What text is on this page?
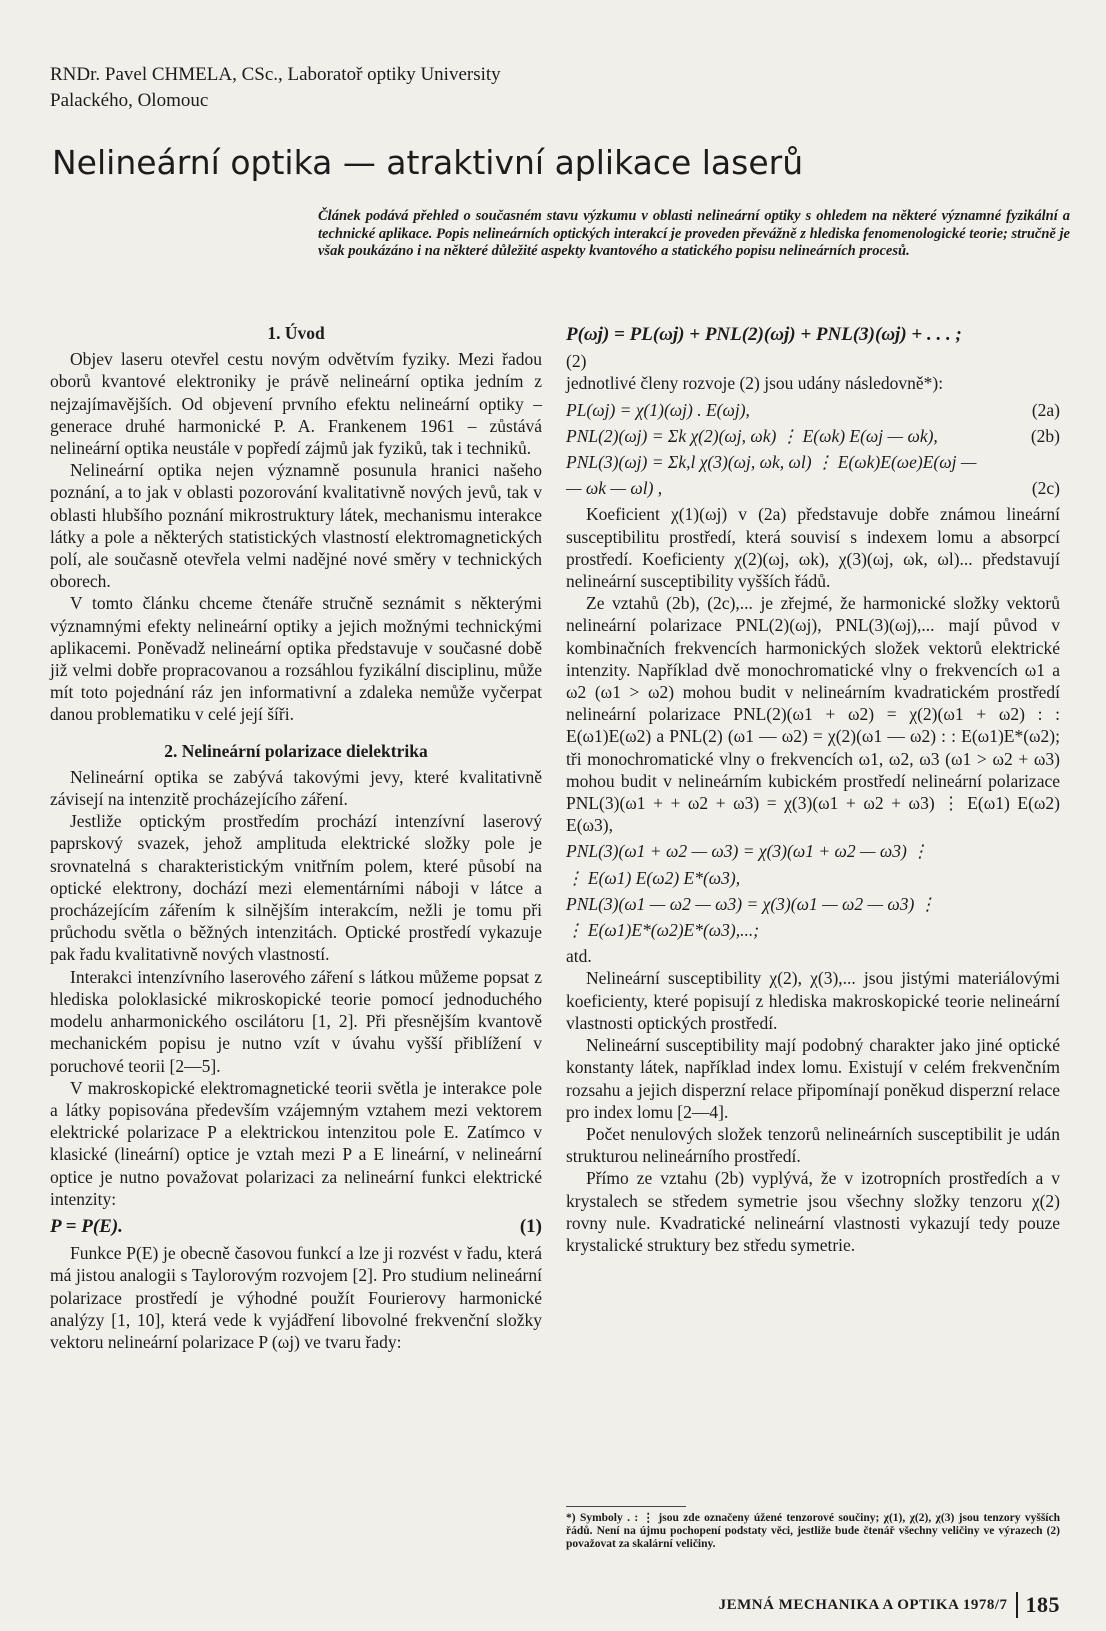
RNDr. Pavel CHMELA, CSc., Laboratoř optiky University
Palackého, Olomouc
Nelineární optika — atraktivní aplikace laserů

Článek podává přehled o současném stavu výzkumu v oblasti nelineární optiky s ohledem na některé významné fyzikální a technické aplikace. Popis nelineárních optických interakcí je proveden převážně z hlediska fenomenologické teorie; stručně je však poukázáno i na některé důležité aspekty kvantového a statického popisu nelineárních procesů.

1. Úvod

Objev laseru otevřel cestu novým odvětvím fyziky. Mezi řadou oborů kvantové elektroniky je právě nelineární optika jedním z nejzajímavějších. Od objevení prvního efektu nelineární optiky – generace druhé harmonické P. A. Frankenem 1961 – zůstává nelineární optika neustále v popředí zájmů jak fyziků, tak i techniků.

Nelineární optika nejen významně posunula hranici našeho poznání, a to jak v oblasti pozorování kvalitativně nových jevů, tak v oblasti hlubšího poznání mikrostruktury látek, mechanismu interakce látky a pole a některých statistických vlastností elektromagnetických polí, ale současně otevřela velmi nadějné nové směry v technických oborech.

V tomto článku chceme čtenáře stručně seznámit s některými významnými efekty nelineární optiky a jejich možnými technickými aplikacemi. Poněvadž nelineární optika představuje v současné době již velmi dobře propracovanou a rozsáhlou fyzikální disciplinu, může mít toto pojednání ráz jen informativní a zdaleka nemůže vyčerpat danou problematiku v celé její šíři.

2. Nelineární polarizace dielektrika

Nelineární optika se zabývá takovými jevy, které kvalitativně závisejí na intenzitě procházejícího záření.

Jestliže optickým prostředím prochází intenzívní laserový paprskový svazek, jehož amplituda elektrické složky pole je srovnatelná s charakteristickým vnitřním polem, které působí na optické elektrony, dochází mezi elementárními náboji v látce a procházejícím zářením k silnějším interakcím, nežli je tomu při průchodu světla o běžných intenzitách. Optické prostředí vykazuje pak řadu kvalitativně nových vlastností.

Interakci intenzívního laserového záření s látkou můžeme popsat z hlediska poloklasické mikroskopické teorie pomocí jednoduchého modelu anharmonického oscilátoru [1, 2]. Při přesnějším kvantově mechanickém popisu je nutno vzít v úvahu vyšší přiblížení v poruchové teorii [2—5].

V makroskopické elektromagnetické teorii světla je interakce pole a látky popisována především vzájemným vztahem mezi vektorem elektrické polarizace P a elektrickou intenzitou pole E. Zatímco v klasické (lineární) optice je vztah mezi P a E lineární, v nelineární optice je nutno považovat polarizaci za nelineární funkci elektrické intenzity:

P = P(E).	(1)

Funkce P(E) je obecně časovou funkcí a lze ji rozvést v řadu, která má jistou analogii s Taylorovým rozvojem [2]. Pro studium nelineární polarizace prostředí je výhodné použít Fourierovy harmonické analýzy [1, 10], která vede k vyjádření libovolné frekvenční složky vektoru nelineární polarizace P (ωj) ve tvaru řady:

P(ωj) = PL(ωj) + PNL(2)(ωj) + PNL(3)(ωj) + . . . ;

(2)

jednotlivé členy rozvoje (2) jsou udány následovně*):

PL(ωj) = χ(1)(ωj) . E(ωj),	(2a)
PNL(2)(ωj) = Σk χ(2)(ωj, ωk) ⋮ E(ωk) E(ωj — ωk),	(2b)
PNL(3)(ωj) = Σk,l χ(3)(ωj, ωk, ωl) ⋮ E(ωk)E(ωe)E(ωj —
— ωk — ωl) ,	(2c)

Koeficient χ(1)(ωj) v (2a) představuje dobře známou lineární susceptibilitu prostředí, která souvisí s indexem lomu a absorpcí prostředí. Koeficienty χ(2)(ωj, ωk), χ(3)(ωj, ωk, ωl)... představují nelineární susceptibility vyšších řádů.

Ze vztahů (2b), (2c),... je zřejmé, že harmonické složky vektorů nelineární polarizace PNL(2)(ωj), PNL(3)(ωj),... mají původ v kombinačních frekvencích harmonických složek vektorů elektrické intenzity. Například dvě monochromatické vlny o frekvencích ω1 a ω2 (ω1 > ω2) mohou budit v nelineárním kvadratickém prostředí nelineární polarizace PNL(2)(ω1 + ω2) = χ(2)(ω1 + ω2) : : E(ω1)E(ω2) a PNL(2) (ω1 — ω2) = χ(2)(ω1 — ω2) : : E(ω1)E*(ω2); tři monochromatické vlny o frekvencích ω1, ω2, ω3 (ω1 > ω2 + ω3) mohou budit v nelineárním kubickém prostředí nelineární polarizace PNL(3)(ω1 + + ω2 + ω3) = χ(3)(ω1 + ω2 + ω3) ⋮ E(ω1) E(ω2) E(ω3),

PNL(3)(ω1 + ω2 — ω3) = χ(3)(ω1 + ω2 — ω3) ⋮
⋮ E(ω1) E(ω2) E*(ω3),
PNL(3)(ω1 — ω2 — ω3) = χ(3)(ω1 — ω2 — ω3) ⋮
⋮ E(ω1)E*(ω2)E*(ω3),...;

atd.

Nelineární susceptibility χ(2), χ(3),... jsou jistými materiálovými koeficienty, které popisují z hlediska makroskopické teorie nelineární vlastnosti optických prostředí.

Nelineární susceptibility mají podobný charakter jako jiné optické konstanty látek, například index lomu. Existují v celém frekvenčním rozsahu a jejich disperzní relace připomínají poněkud disperzní relace pro index lomu [2—4].

Počet nenulových složek tenzorů nelineárních susceptibilit je udán strukturou nelineárního prostředí.

Přímo ze vztahu (2b) vyplývá, že v izotropních prostředích a v krystalech se středem symetrie jsou všechny složky tenzoru χ(2) rovny nule. Kvadratické nelineární vlastnosti vykazují tedy pouze krystalické struktury bez středu symetrie.

*) Symboly . : ⋮ jsou zde označeny úžené tenzorové součiny; χ(1), χ(2), χ(3) jsou tenzory vyšších řádů. Není na újmu pochopení podstaty věci, jestliže bude čtenář všechny veličiny ve výrazech (2) považovat za skalární veličiny.
JEMNÁ MECHANIKA A OPTIKA 1978/7 185
